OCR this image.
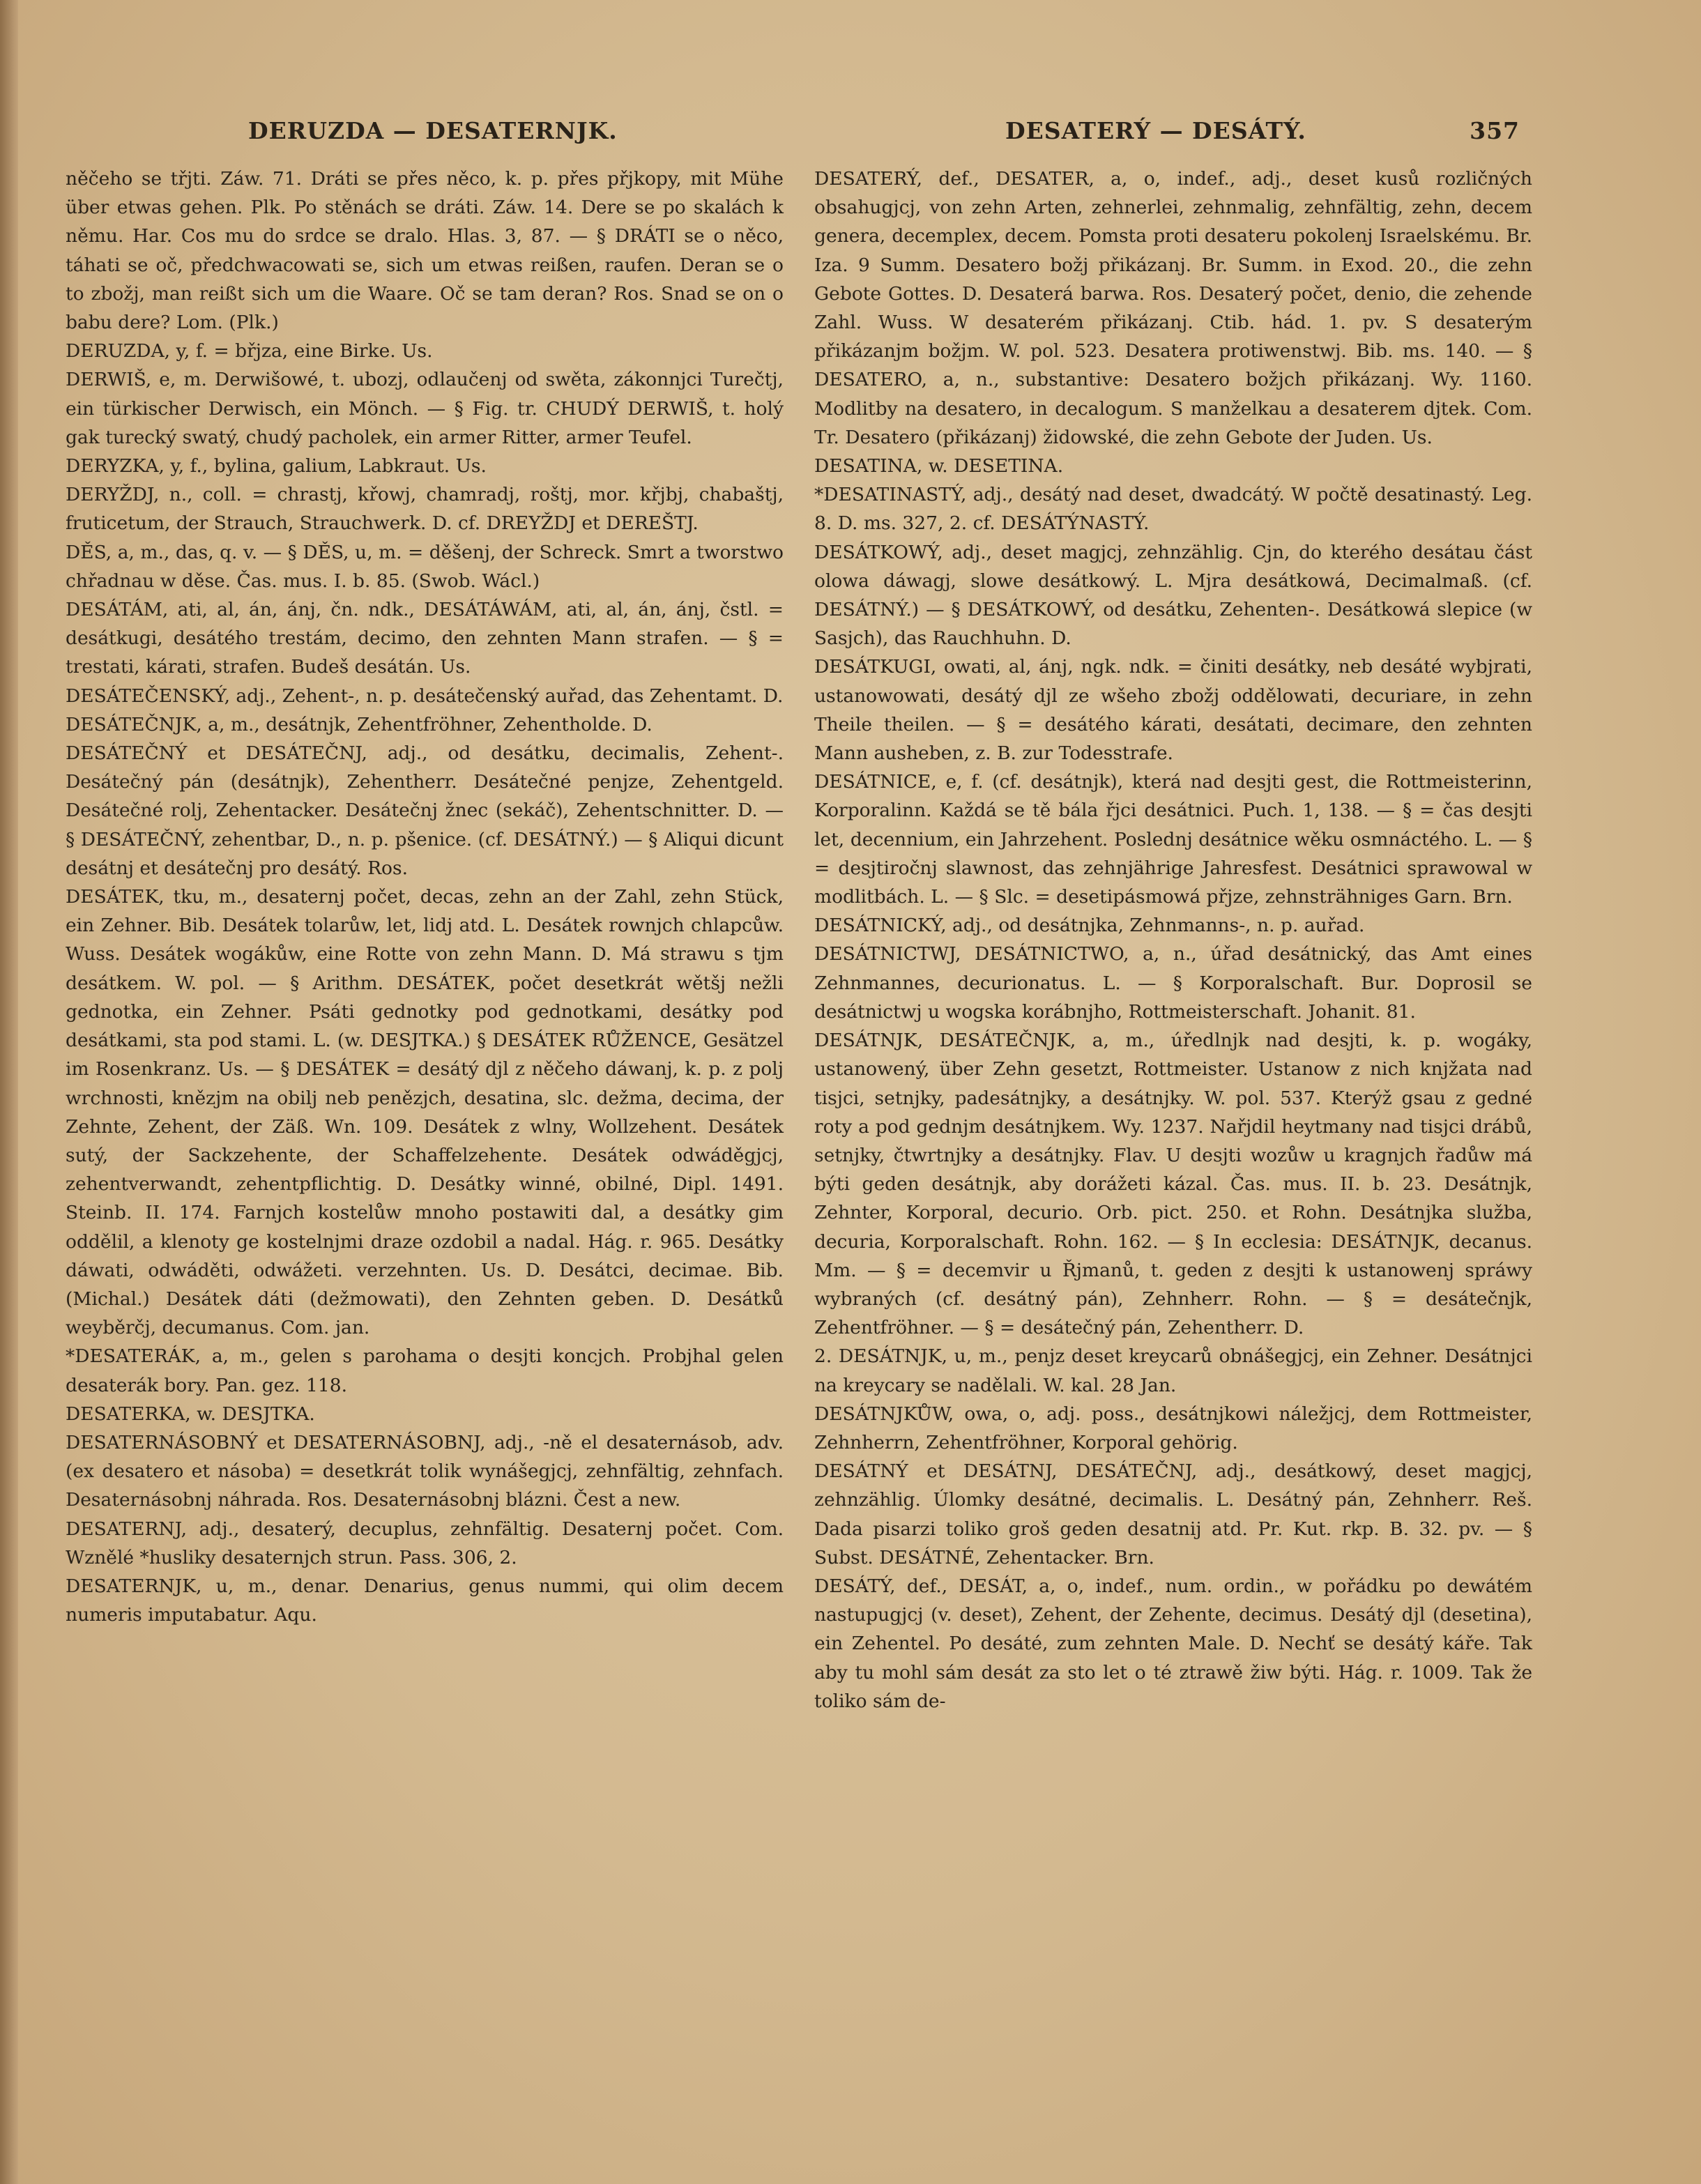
DERUZDA — DESATERNJK.	DESATERÝ — DESÁTÝ.	357

něčeho se třjti. Záw. 71. Dráti se přes něco, k. p. přes přjkopy, mit Mühe über etwas gehen. Plk. Po stěnách se dráti. Záw. 14. Dere se po skalách k němu. Har. Cos mu do srdce se dralo. Hlas. 3, 87. — § DRÁTI se o něco, táhati se oč, předchwacowati se, sich um etwas reißen, raufen. Deran se o to zbožj, man reißt sich um die Waare. Oč se tam deran? Ros. Snad se on o babu dere? Lom. (Plk.)

DERUZDA, y, f. = břjza, eine Birke. Us.

DERWIŠ, e, m. Derwišowé, t. ubozj, odlaučenj od swěta, zákonnjci Turečtj, ein türkischer Derwisch, ein Mönch. — § Fig. tr. CHUDÝ DERWIŠ, t. holý gak turecký swatý, chudý pacholek, ein armer Ritter, armer Teufel.

DERYZKA, y, f., bylina, galium, Labkraut. Us.

DERYŽDJ, n., coll. = chrastj, křowj, chamradj, roštj, mor. křjbj, chabaštj, fruticetum, der Strauch, Strauchwerk. D. cf. DREYŽDJ et DEREŠTJ.

DĚS, a, m., das, q. v. — § DĚS, u, m. = děšenj, der Schreck. Smrt a tworstwo chřadnau w děse. Čas. mus. I. b. 85. (Swob. Wácl.)

DESÁTÁM, ati, al, án, ánj, čn. ndk., DESÁTÁWÁM, ati, al, án, ánj, čstl. = desátkugi, desátého trestám, decimo, den zehnten Mann strafen. — § = trestati, kárati, strafen. Budeš desátán. Us.

DESÁTEČENSKÝ, adj., Zehent-, n. p. desátečenský auřad, das Zehentamt. D.

DESÁTEČNJK, a, m., desátnjk, Zehentfröhner, Zehentholde. D.

DESÁTEČNÝ et DESÁTEČNJ, adj., od desátku, decimalis, Zehent-. Desátečný pán (desátnjk), Zehentherr. Desátečné penjze, Zehentgeld. Desátečné rolj, Zehentacker. Desátečnj žnec (sekáč), Zehentschnitter. D. — § DESÁTEČNÝ, zehentbar, D., n. p. pšenice. (cf. DESÁTNÝ.) — § Aliqui dicunt desátnj et desátečnj pro desátý. Ros.

DESÁTEK, tku, m., desaternj počet, decas, zehn an der Zahl, zehn Stück, ein Zehner. Bib. Desátek tolarůw, let, lidj atd. L. Desátek rownjch chlapcůw. Wuss. Desátek wogákůw, eine Rotte von zehn Mann. D. Má strawu s tjm desátkem. W. pol. — § Arithm. DESÁTEK, počet desetkrát wětšj nežli gednotka, ein Zehner. Psáti gednotky pod gednotkami, desátky pod desátkami, sta pod stami. L. (w. DESJTKA.) § DESÁTEK RŮŽENCE, Gesätzel im Rosenkranz. Us. — § DESÁTEK = desátý djl z něčeho dáwanj, k. p. z polj wrchnosti, knězjm na obilj neb penězjch, desatina, slc. dežma, decima, der Zehnte, Zehent, der Zäß. Wn. 109. Desátek z wlny, Wollzehent. Desátek sutý, der Sackzehente, der Schaffelzehente. Desátek odwáděgjcj, zehentverwandt, zehentpflichtig. D. Desátky winné, obilné, Dipl. 1491. Steinb. II. 174. Farnjch kostelůw mnoho postawiti dal, a desátky gim oddělil, a klenoty ge kostelnjmi draze ozdobil a nadal. Hág. r. 965. Desátky dáwati, odwáděti, odwážeti. verzehnten. Us. D. Desátci, decimae. Bib. (Michal.) Desátek dáti (dežmowati), den Zehnten geben. D. Desátků weyběrčj, decumanus. Com. jan.

*DESATERÁK, a, m., gelen s parohama o desjti koncjch. Probjhal gelen desaterák bory. Pan. gez. 118.

DESATERKA, w. DESJTKA.

DESATERNÁSOBNÝ et DESATERNÁSOBNJ, adj., -ně el desaternásob, adv. (ex desatero et násoba) = desetkrát tolik wynášegjcj, zehnfältig, zehnfach. Desaternásobnj náhrada. Ros. Desaternásobnj blázni. Čest a new.

DESATERNJ, adj., desaterý, decuplus, zehnfältig. Desaternj počet. Com. Wznělé *husliky desaternjch strun. Pass. 306, 2.

DESATERNJK, u, m., denar. Denarius, genus nummi, qui olim decem numeris imputabatur. Aqu.

DESATERÝ, def., DESATER, a, o, indef., adj., deset kusů rozličných obsahugjcj, von zehn Arten, zehnerlei, zehnmalig, zehnfältig, zehn, decem genera, decemplex, decem. Pomsta proti desateru pokolenj Israelskému. Br. Iza. 9 Summ. Desatero božj přikázanj. Br. Summ. in Exod. 20., die zehn Gebote Gottes. D. Desaterá barwa. Ros. Desaterý počet, denio, die zehende Zahl. Wuss. W desaterém přikázanj. Ctib. hád. 1. pv. S desaterým přikázanjm božjm. W. pol. 523. Desatera protiwenstwj. Bib. ms. 140. — § DESATERO, a, n., substantive: Desatero božjch přikázanj. Wy. 1160. Modlitby na desatero, in decalogum. S manželkau a desaterem djtek. Com. Tr. Desatero (přikázanj) židowské, die zehn Gebote der Juden. Us.

DESATINA, w. DESETINA.

*DESATINASTÝ, adj., desátý nad deset, dwadcátý. W počtě desatinastý. Leg. 8. D. ms. 327, 2. cf. DESÁTÝNASTÝ.

DESÁTKOWÝ, adj., deset magjcj, zehnzählig. Cjn, do kterého desátau část olowa dáwagj, slowe desátkowý. L. Mjra desátkowá, Decimalmaß. (cf. DESÁTNÝ.) — § DESÁTKOWÝ, od desátku, Zehenten-. Desátkowá slepice (w Sasjch), das Rauchhuhn. D.

DESÁTKUGI, owati, al, ánj, ngk. ndk. = činiti desátky, neb desáté wybjrati, ustanowowati, desátý djl ze wšeho zbožj oddělowati, decuriare, in zehn Theile theilen. — § = desátého kárati, desátati, decimare, den zehnten Mann ausheben, z. B. zur Todesstrafe.

DESÁTNICE, e, f. (cf. desátnjk), která nad desjti gest, die Rottmeisterinn, Korporalinn. Každá se tě bála řjci desátnici. Puch. 1, 138. — § = čas desjti let, decennium, ein Jahrzehent. Poslednj desátnice wěku osmnáctého. L. — § = desjtiročnj slawnost, das zehnjährige Jahresfest. Desátnici sprawowal w modlitbách. L. — § Slc. = desetipásmowá přjze, zehnsträhniges Garn. Brn.

DESÁTNICKÝ, adj., od desátnjka, Zehnmanns-, n. p. auřad.

DESÁTNICTWJ, DESÁTNICTWO, a, n., úřad desátnický, das Amt eines Zehnmannes, decurionatus. L. — § Korporalschaft. Bur. Doprosil se desátnictwj u wogska korábnjho, Rottmeisterschaft. Johanit. 81.

DESÁTNJK, DESÁTEČNJK, a, m., úředlnjk nad desjti, k. p. wogáky, ustanowený, über Zehn gesetzt, Rottmeister. Ustanow z nich knjžata nad tisjci, setnjky, padesátnjky, a desátnjky. W. pol. 537. Kterýž gsau z gedné roty a pod gednjm desátnjkem. Wy. 1237. Nařjdil heytmany nad tisjci drábů, setnjky, čtwrtnjky a desátnjky. Flav. U desjti wozůw u kragnjch řadůw má býti geden desátnjk, aby dorážeti kázal. Čas. mus. II. b. 23. Desátnjk, Zehnter, Korporal, decurio. Orb. pict. 250. et Rohn. Desátnjka služba, decuria, Korporalschaft. Rohn. 162. — § In ecclesia: DESÁTNJK, decanus. Mm. — § = decemvir u Řjmanů, t. geden z desjti k ustanowenj spráwy wybraných (cf. desátný pán), Zehnherr. Rohn. — § = desátečnjk, Zehentfröhner. — § = desátečný pán, Zehentherr. D.

2. DESÁTNJK, u, m., penjz deset kreycarů obnášegjcj, ein Zehner. Desátnjci na kreycary se nadělali. W. kal. 28 Jan.

DESÁTNJKŮW, owa, o, adj. poss., desátnjkowi náležjcj, dem Rottmeister, Zehnherrn, Zehentfröhner, Korporal gehörig.

DESÁTNÝ et DESÁTNJ, DESÁTEČNJ, adj., desátkowý, deset magjcj, zehnzählig. Úlomky desátné, decimalis. L. Desátný pán, Zehnherr. Reš. Dada pisarzi toliko groš geden desatnij atd. Pr. Kut. rkp. B. 32. pv. — § Subst. DESÁTNÉ, Zehentacker. Brn.

DESÁTÝ, def., DESÁT, a, o, indef., num. ordin., w pořádku po dewátém nastupugjcj (v. deset), Zehent, der Zehente, decimus. Desátý djl (desetina), ein Zehentel. Po desáté, zum zehnten Male. D. Nechť se desátý káře. Tak aby tu mohl sám desát za sto let o té ztrawě žiw býti. Hág. r. 1009. Tak že toliko sám de-
